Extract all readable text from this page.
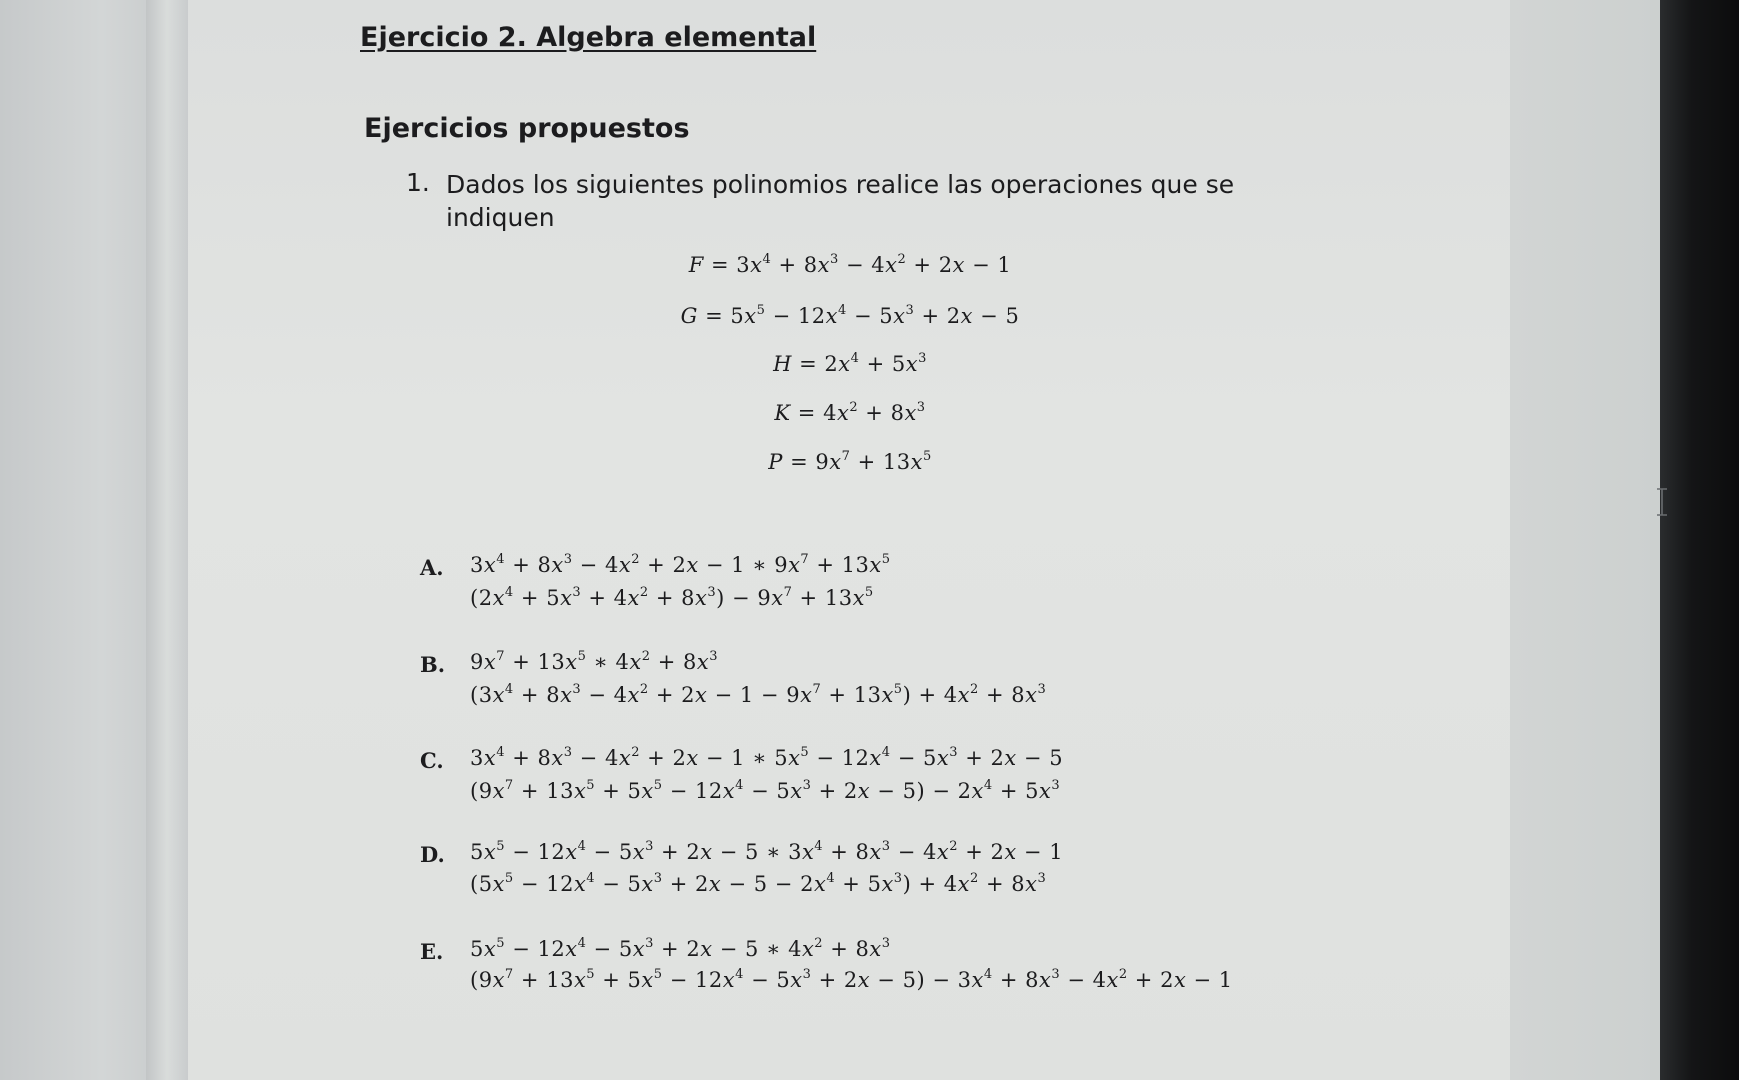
Ejercicio 2. Algebra elemental
Ejercicios propuestos
1. Dados los siguientes polinomios realice las operaciones que se indiquen
$F = 3x^4 + 8x^3 - 4x^2 + 2x - 1$
$G = 5x^5 - 12x^4 - 5x^3 + 2x - 5$
$H = 2x^4 + 5x^3$
$K = 4x^2 + 8x^3$
$P = 9x^7 + 13x^5$
A. $3x^4 + 8x^3 - 4x^2 + 2x - 1$ ∗ $9x^7 + 13x^5$
$(2x^4 + 5x^3 + 4x^2 + 8x^3) - 9x^7 + 13x^5$
B. $9x^7 + 13x^5$ ∗ $4x^2 + 8x^3$
$(3x^4 + 8x^3 - 4x^2 + 2x - 1 - 9x^7 + 13x^5) + 4x^2 + 8x^3$
C. $3x^4 + 8x^3 - 4x^2 + 2x - 1$ ∗ $5x^5 - 12x^4 - 5x^3 + 2x - 5$
$(9x^7 + 13x^5 + 5x^5 - 12x^4 - 5x^3 + 2x - 5) - 2x^4 + 5x^3$
D. $5x^5 - 12x^4 - 5x^3 + 2x - 5$ ∗ $3x^4 + 8x^3 - 4x^2 + 2x - 1$
$(5x^5 - 12x^4 - 5x^3 + 2x - 5 - 2x^4 + 5x^3) + 4x^2 + 8x^3$
E. $5x^5 - 12x^4 - 5x^3 + 2x - 5$ ∗ $4x^2 + 8x^3$
$(9x^7 + 13x^5 + 5x^5 - 12x^4 - 5x^3 + 2x - 5) - 3x^4 + 8x^3 - 4x^2 + 2x - 1$
